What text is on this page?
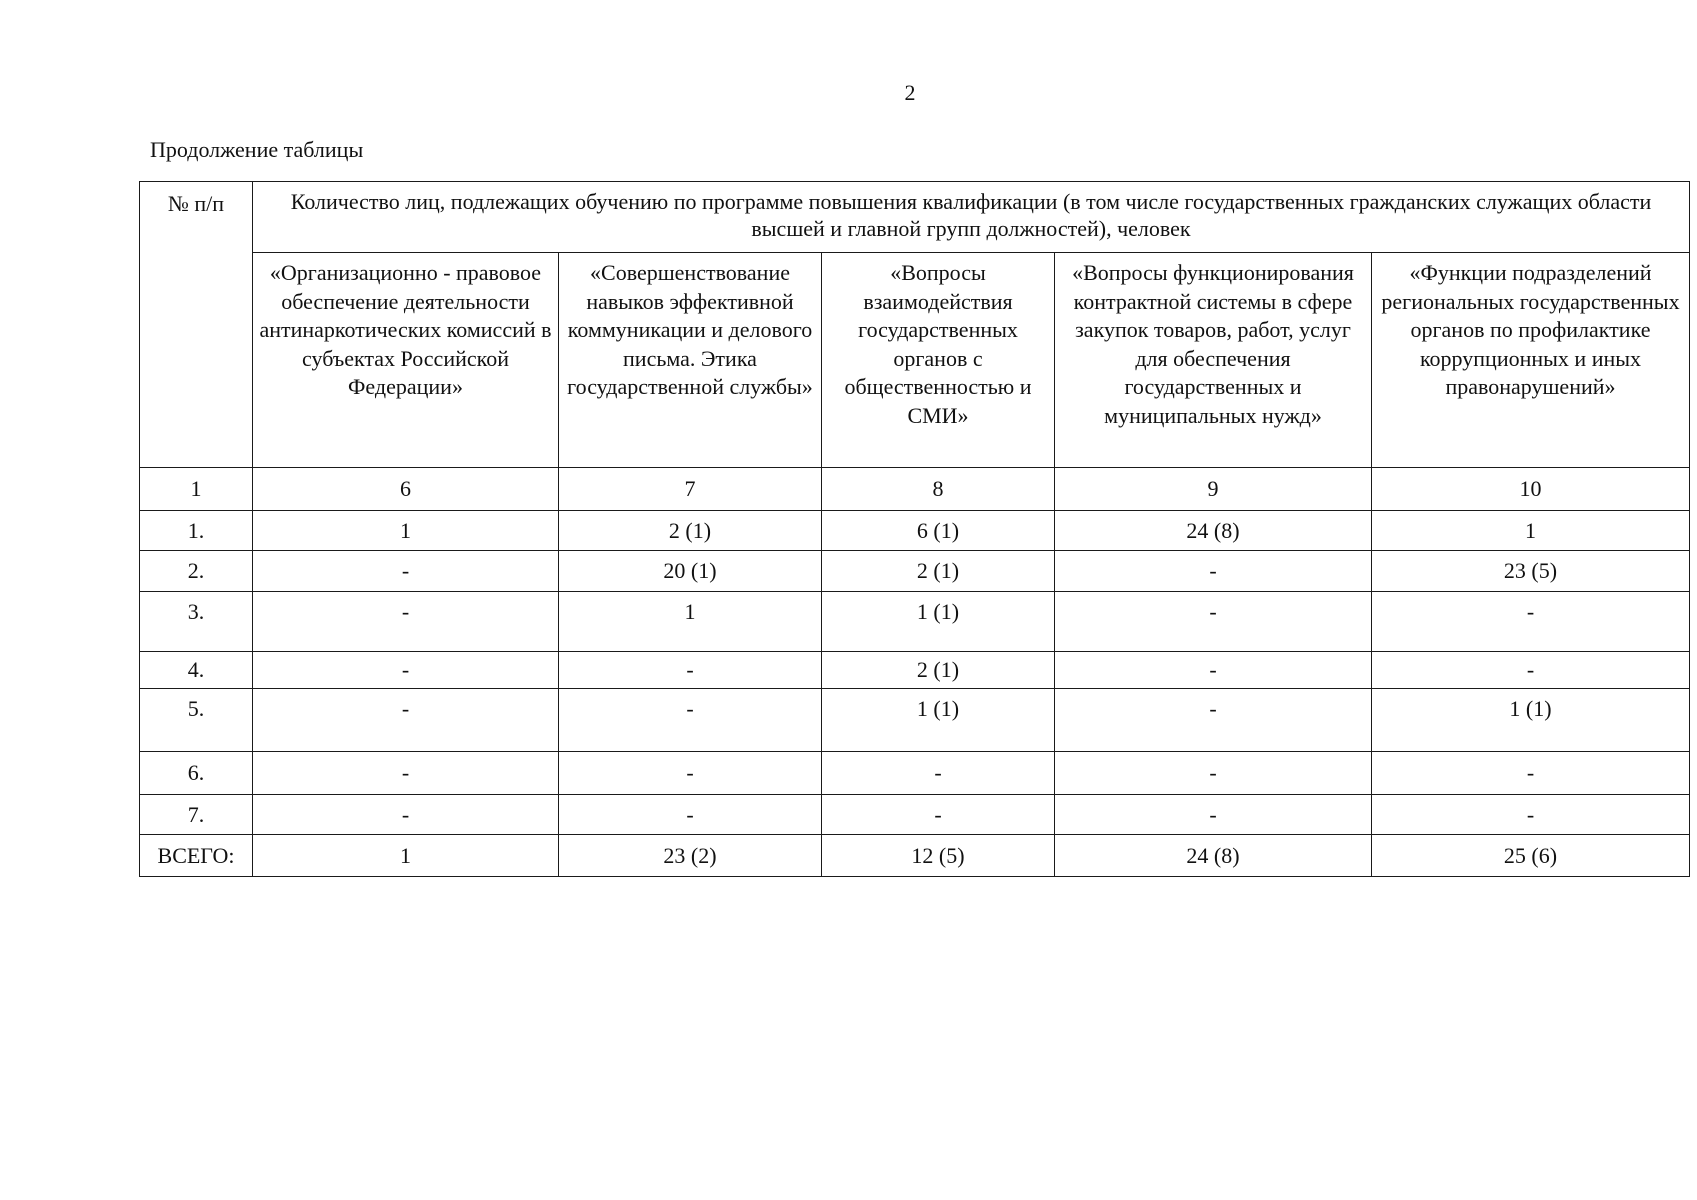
2
Продолжение таблицы
№ п/п	Количество лиц, подлежащих обучению по программе повышения квалификации (в том числе государственных гражданских служащих области высшей и главной групп должностей), человек				
	«Организационно - правовое обеспечение деятельности антинаркотических комиссий в субъектах Российской Федерации»	«Совершенствование навыков эффективной коммуникации и делового письма. Этика государственной службы»	«Вопросы взаимодействия государственных органов с общественностью и СМИ»	«Вопросы функционирования контрактной системы в сфере закупок товаров, работ, услуг для обеспечения государственных и муниципальных нужд»	«Функции подразделений региональных государственных органов по профилактике коррупционных и иных правонарушений»
1	6	7	8	9	10
1.	1	2 (1)	6 (1)	24 (8)	1
2.	-	20 (1)	2 (1)	-	23 (5)
3.	-	1	1 (1)	-	-
4.	-	-	2 (1)	-	-
5.	-	-	1 (1)	-	1 (1)
6.	-	-	-	-	-
7.	-	-	-	-	-
ВСЕГО:	1	23 (2)	12 (5)	24 (8)	25 (6)
